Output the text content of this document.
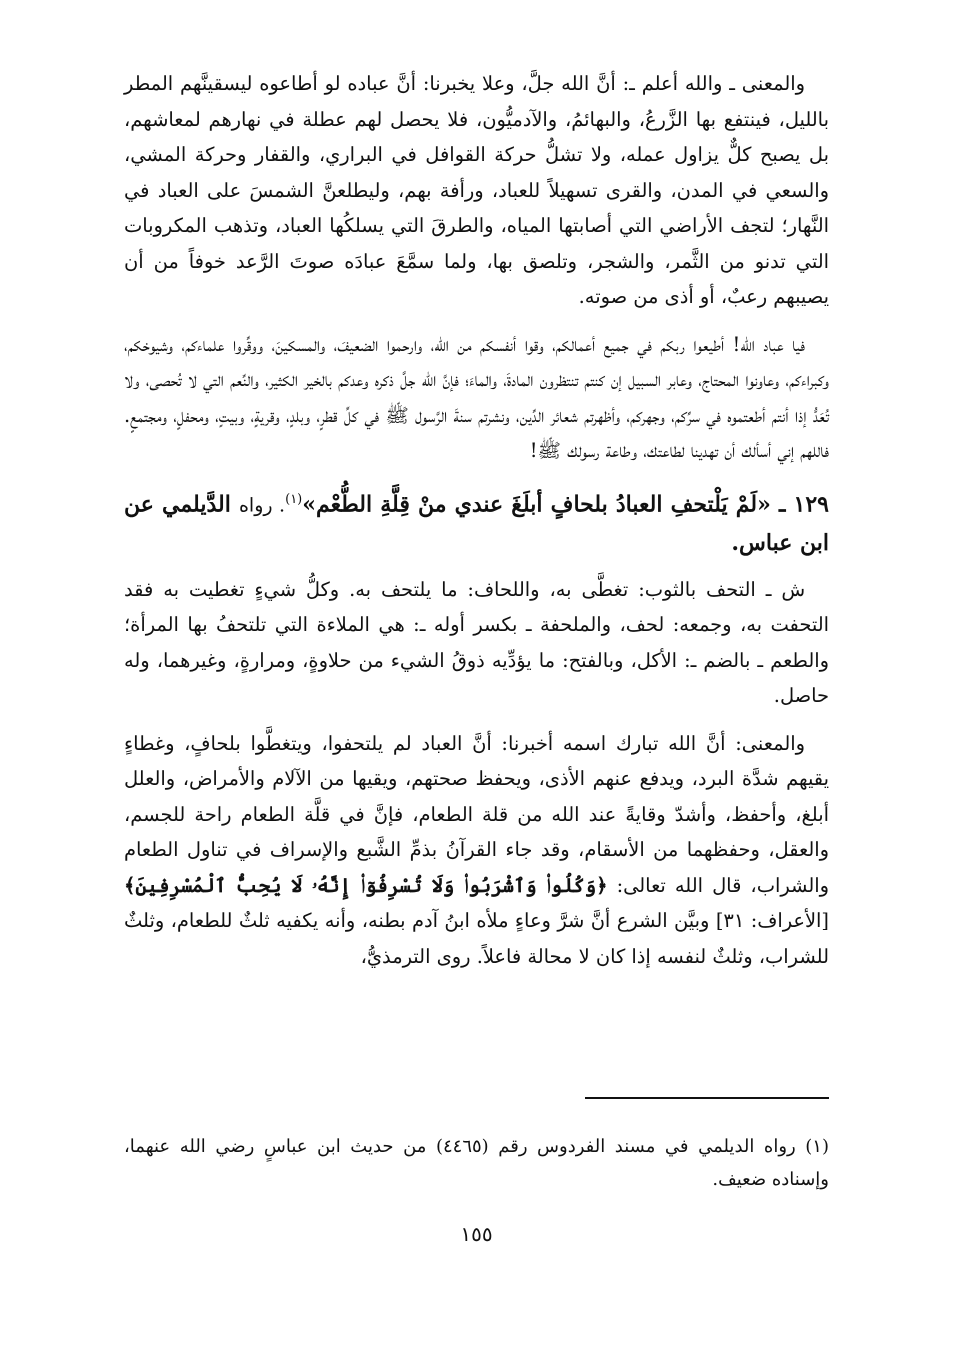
والمعنى ـ والله أعلم ـ: أنَّ الله جلَّ، وعلا يخبرنا: أنَّ عباده لو أطاعوه ليسقينَّهم المطر بالليل، فينتفع بها الزَّرعُ، والبهائمُ، والآدميُّون، فلا يحصل لهم عطلة في نهارهم لمعاشهم، بل يصبح كلٌّ يزاول عمله، ولا تشلُّ حركة القوافل في البراري، والقفار وحركة المشي، والسعي في المدن، والقرى تسهيلاً للعباد، ورأفة بهم، وليطلعنَّ الشمسَ على العباد في النَّهار؛ لتجف الأراضي التي أصابتها المياه، والطرقَ التي يسلكُها العباد، وتذهب المكروبات التي تدنو من الثَّمر، والشجر، وتلصق بها، ولما سمَّعَ عبادَه صوتَ الرَّعد خوفاً من أن يصيبهم رعبٌ، أو أذى من صوته.

فيا عباد الله! أطيعوا ربكم في جميع أعمالكم، وقوا أنفسكم من الله، وارحموا الضعيفَ، والمسكينَ، ووقِّروا علماءكم، وشيوخكم، وكبراءكم، وعاونوا المحتاج، وعابر السبيل إن كنتم تنتظرون المادةَ، والماءَ؛ فإنَّ الله جلَّ ذكره وعدكم بالخير الكثير، والنِّعم التي لا تُحصى، ولا تُعَدُّ إذا أنتم أطعتموه في سرِّكم، وجهركم، وأظهرتم شعائر الدِّين، ونشرتم سنةَ الرَّسول ﷺ في كلِّ قطرٍ، وبلدٍ، وقريةٍ، وبيتٍ، ومحفلٍ، ومجتمعٍ. فاللهم إني أسألك أن تهدينا لطاعتك، وطاعة رسولك ﷺ!

١٢٩ ـ «لَمْ يَلْتحفِ العبادُ بلحافٍ أبلَغَ عندي منْ قِلَّةِ الطُّعْم»$^{(١)}$. رواه الدَّيلمي عن ابن عباس.

ش ـ التحف بالثوب: تغطَّى به، واللحاف: ما يلتحف به. وكلُّ شيءٍ تغطيت به فقد التحفت به، وجمعه: لحف، والملحفة ـ بكسر أوله ـ: هي الملاءة التي تلتحفُ بها المرأة؛ والطعم ـ بالضم ـ: الأكل، وبالفتح: ما يؤدِّيه ذوقُ الشيء من حلاوةٍ، ومرارةٍ، وغيرهما، وله حاصل.

والمعنى: أنَّ الله تبارك اسمه أخبرنا: أنَّ العباد لم يلتحفوا، ويتغطَّوا بلحافٍ، وغطاءٍ يقيهم شدَّة البرد، ويدفع عنهم الأذى، ويحفظ صحتهم، ويقيها من الآلام والأمراض، والعلل أبلغ، وأحفظ، وأشدّ وقايةً عند الله من قلة الطعام، فإنَّ في قلَّة الطعام راحة للجسم، والعقل، وحفظهما من الأسقام، وقد جاء القرآنُ بذمِّ الشَّبع والإسراف في تناول الطعام والشراب، قال الله تعالى: ﴿وَكُلُوا۟ وَٱشْرَبُوا۟ وَلَا تُسْرِفُوٓا۟ إِنَّهُۥ لَا يُحِبُّ ٱلْمُسْرِفِينَ﴾ [الأعراف: ٣١] وبيَّن الشرع أنَّ شرَّ وعاءٍ ملأه ابنُ آدم بطنه، وأنه يكفيه ثلثٌ للطعام، وثلثٌ للشراب، وثلثٌ لنفسه إذا كان لا محالة فاعلاً. روى الترمذيُّ،

(١) رواه الديلمي في مسند الفردوس رقم (٤٤٦٥) من حديث ابن عباسٍ رضي الله عنهما، وإسناده ضعيف.

١٥٥
